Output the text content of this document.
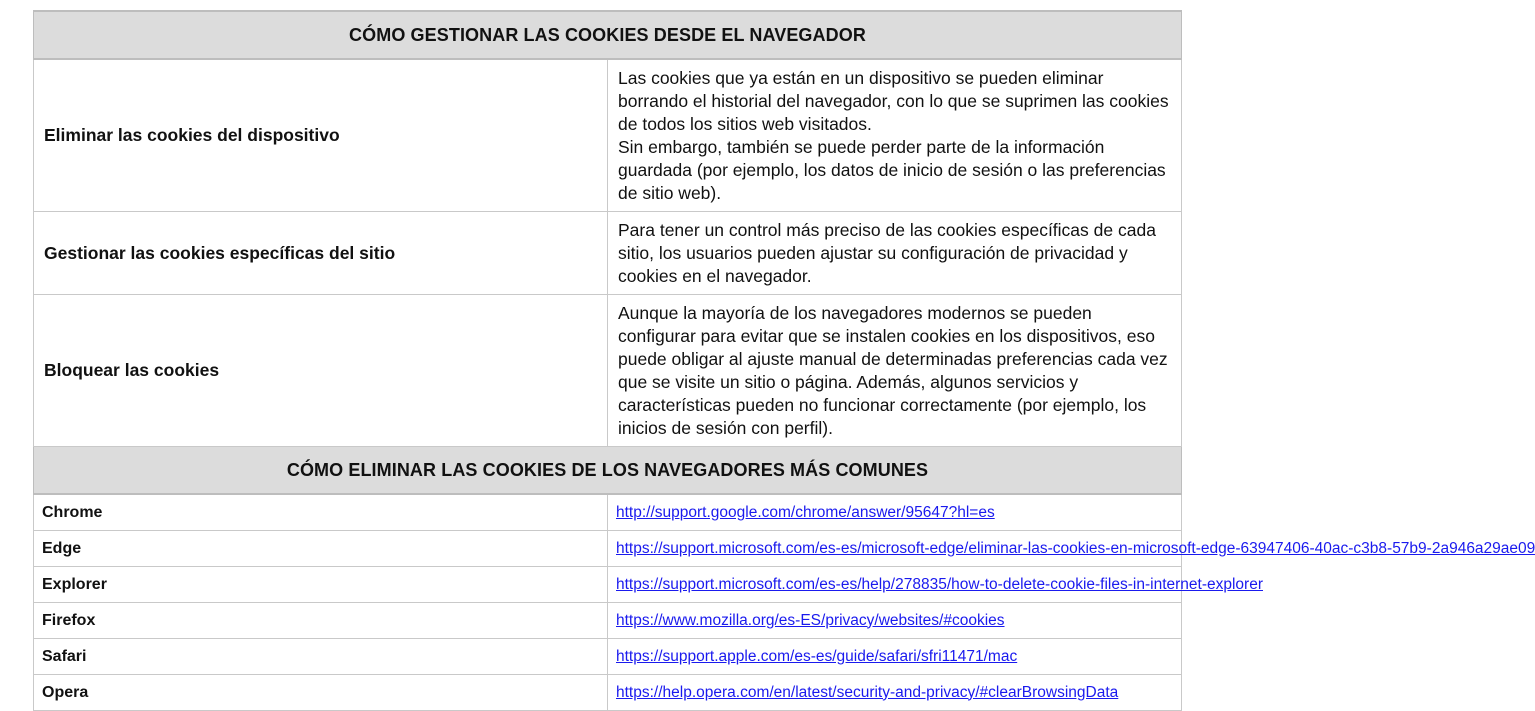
CÓMO GESTIONAR LAS COOKIES DESDE EL NAVEGADOR	
Eliminar las cookies del dispositivo	Las cookies que ya están en un dispositivo se pueden eliminar borrando el historial del navegador, con lo que se suprimen las cookies de todos los sitios web visitados.

Sin embargo, también se puede perder parte de la información guardada (por ejemplo, los datos de inicio de sesión o las preferencias de sitio web).

Gestionar las cookies específicas del sitio	Para tener un control más preciso de las cookies específicas de cada sitio, los usuarios pueden ajustar su configuración de privacidad y cookies en el navegador.

Bloquear las cookies	Aunque la mayoría de los navegadores modernos se pueden configurar para evitar que se instalen cookies en los dispositivos, eso puede obligar al ajuste manual de determinadas preferencias cada vez que se visite un sitio o página. Además, algunos servicios y características pueden no funcionar correctamente (por ejemplo, los inicios de sesión con perfil).

CÓMO ELIMINAR LAS COOKIES DE LOS NAVEGADORES MÁS COMUNES	
Chrome	http://support.google.com/chrome/answer/95647?hl=es
Edge	https://support.microsoft.com/es-es/microsoft-edge/eliminar-las-cookies-en-microsoft-edge-63947406-40ac-c3b8-57b9-2a946a29ae09
Explorer	https://support.microsoft.com/es-es/help/278835/how-to-delete-cookie-files-in-internet-explorer
Firefox	https://www.mozilla.org/es-ES/privacy/websites/#cookies
Safari	https://support.apple.com/es-es/guide/safari/sfri11471/mac
Opera	https://help.opera.com/en/latest/security-and-privacy/#clearBrowsingData
